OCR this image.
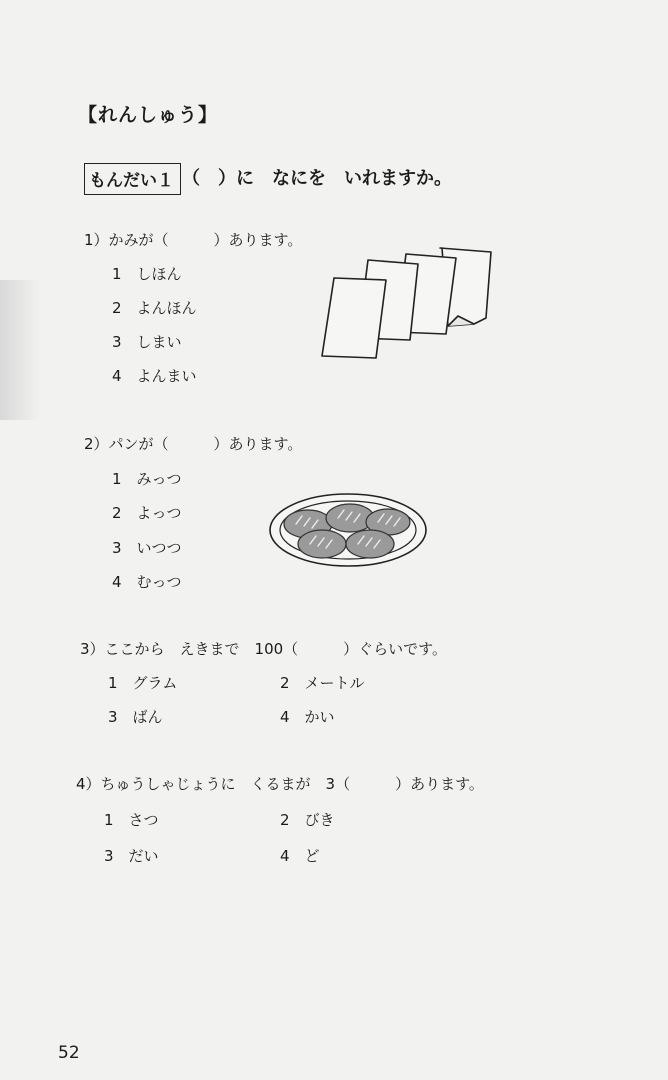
【れんしゅう】
もんだい１ （　）に　なにを　いれますか。
1）かみが（　　　）あります。
1　しほん
2　よんほん
3　しまい
4　よんまい
2）パンが（　　　）あります。
1　みっつ
2　よっつ
3　いつつ
4　むっつ
3）ここから　えきまで　100（　　　）ぐらいです。
1　グラム	2　メートル
3　ばん	4　かい
4）ちゅうしゃじょうに　くるまが　3（　　　）あります。
1　さつ	2　びき
3　だい	4　ど
52
